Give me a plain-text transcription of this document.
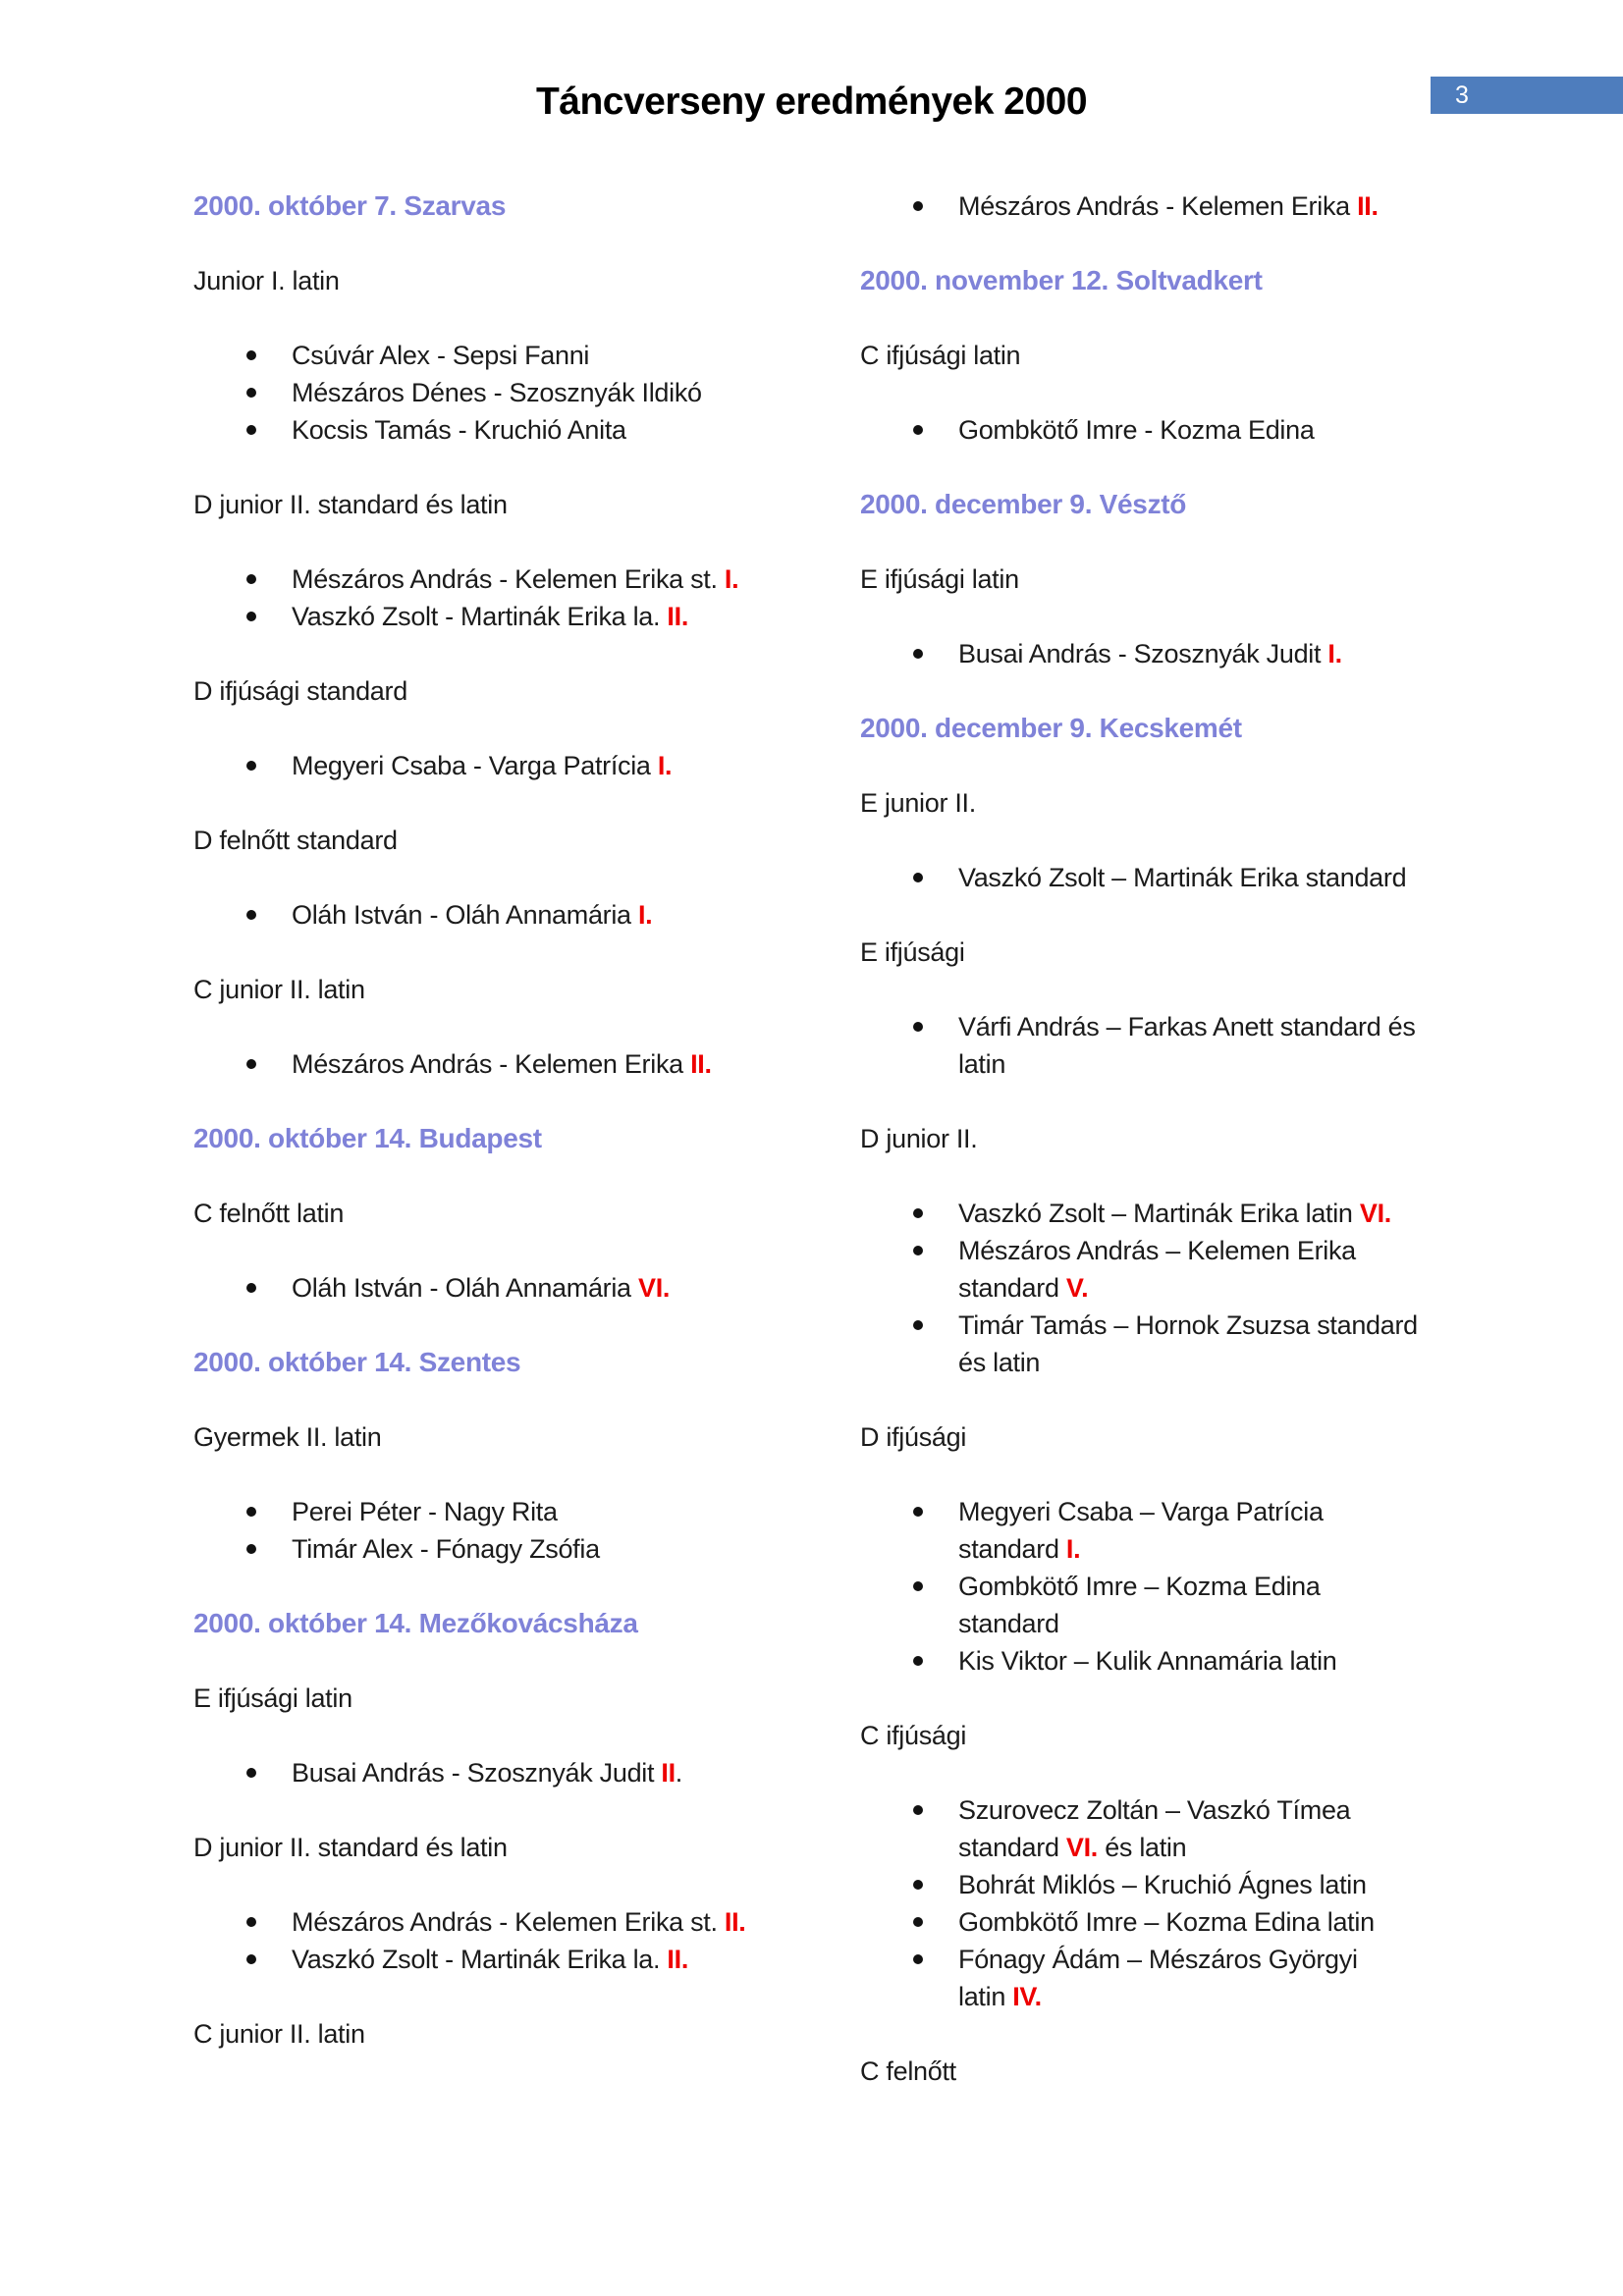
Táncverseny eredmények 2000	3
2000. október 7. Szarvas

Junior I. latin

Csúvár Alex - Sepsi Fanni
Mészáros Dénes - Szosznyák Ildikó
Kocsis Tamás - Kruchió Anita

D junior II. standard és latin

Mészáros András - Kelemen Erika st. I.
Vaszkó Zsolt - Martinák Erika la. II.

D ifjúsági standard

Megyeri Csaba - Varga Patrícia I.

D felnőtt standard

Oláh István - Oláh Annamária I.

C junior II. latin

Mészáros András - Kelemen Erika II.
2000. október 14. Budapest

C felnőtt latin

Oláh István - Oláh Annamária VI.
2000. október 14. Szentes

Gyermek II. latin

Perei Péter - Nagy Rita
Timár Alex - Fónagy Zsófia
2000. október 14. Mezőkovácsháza

E ifjúsági latin

Busai András - Szosznyák Judit II.

D junior II. standard és latin

Mészáros András - Kelemen Erika st. II.
Vaszkó Zsolt - Martinák Erika la. II.

C junior II. latin

Mészáros András - Kelemen Erika II.
2000. november 12. Soltvadkert

C ifjúsági latin

Gombkötő Imre - Kozma Edina
2000. december 9. Vésztő

E ifjúsági latin

Busai András - Szosznyák Judit I.
2000. december 9. Kecskemét

E junior II.

Vaszkó Zsolt – Martinák Erika standard

E ifjúsági

Várfi András – Farkas Anett standard és
latin

D junior II.

Vaszkó Zsolt – Martinák Erika latin VI.
Mészáros András – Kelemen Erika
standard V.
Timár Tamás – Hornok Zsuzsa standard
és latin

D ifjúsági

Megyeri Csaba – Varga Patrícia
standard I.
Gombkötő Imre – Kozma Edina
standard
Kis Viktor – Kulik Annamária latin

C ifjúsági

Szurovecz Zoltán – Vaszkó Tímea
standard VI. és latin
Bohrát Miklós – Kruchió Ágnes latin
Gombkötő Imre – Kozma Edina latin
Fónagy Ádám – Mészáros Györgyi
latin IV.

C felnőtt
